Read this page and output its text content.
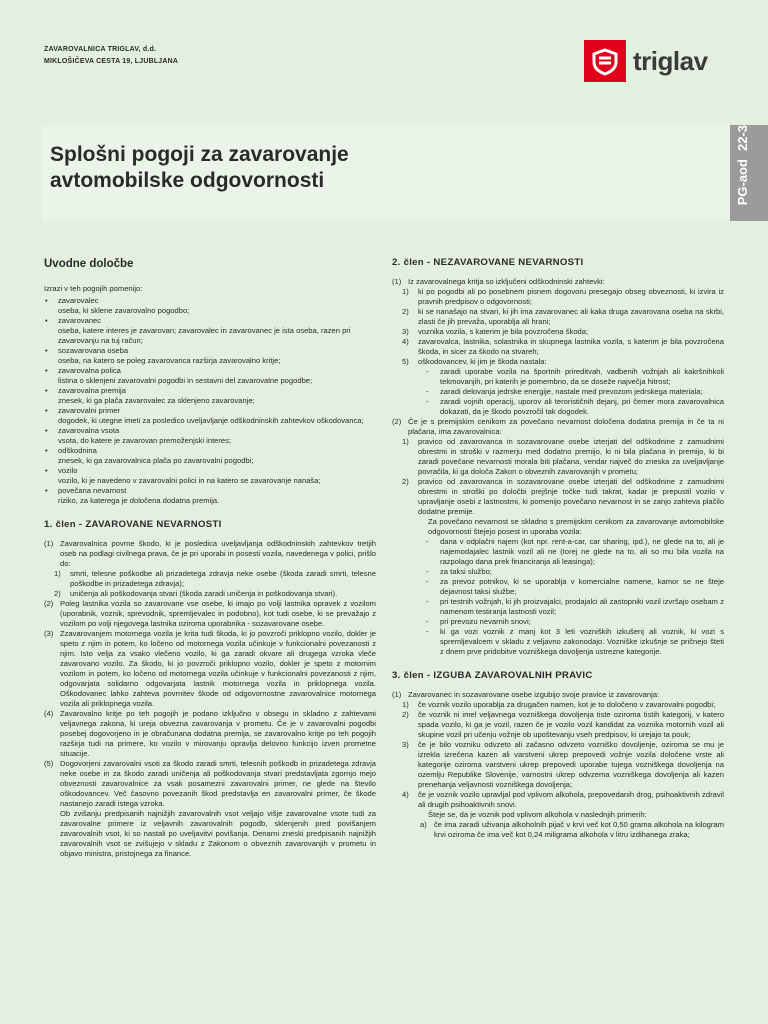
ZAVAROVALNICA TRIGLAV, d.d.
MIKLOŠIČEVA CESTA 19, LJUBLJANA	triglav
Splošni pogoji za zavarovanje
avtomobilske odgovornosti	PG-aod
22-3
Uvodne določbe
Izrazi v teh pogojih pomenijo:
• zavarovalec
oseba, ki sklene zavarovalno pogodbo;
• zavarovanec
oseba, katere interes je zavarovan; zavarovalec in zavarovanec je ista oseba, razen pri zavarovanju na tuj račun;
• sozavarovana oseba
oseba, na katero se poleg zavarovanca razširja zavarovalno kritje;
• zavarovalna polica
listina o sklenjeni zavarovalni pogodbi in sestavni del zavarovalne pogodbe;
• zavarovalna premija
znesek, ki ga plača zavarovalec za sklenjeno zavarovanje;
• zavarovalni primer
dogodek, ki utegne imeti za posledico uveljavljanje odškodninskih zahtevkov oškodovanca;
• zavarovalna vsota
vsota, do katere je zavarovan premoženjski interes;
• odškodnina
znesek, ki ga zavarovalnica plača po zavarovalni pogodbi;
• vozilo
vozilo, ki je navedeno v zavarovalni polici in na katero se zavarovanje nanaša;
• povečana nevarnost
riziko, za katerega je določena dodatna premija.
1. člen - ZAVAROVANE NEVARNOSTI
(1) Zavarovalnica povrne škodo, ki je posledica uveljavljanja odškodninskih zahtevkov tretjih oseb na podlagi civilnega prava, če je pri uporabi in posesti vozila, navedenega v polici, prišlo do:
1) smrti, telesne poškodbe ali prizadetega zdravja neke osebe (škoda zaradi smrti, telesne poškodbe in prizadetega zdravja);
2) uničenja ali poškodovanja stvari (škoda zaradi uničenja in poškodovanja stvari).
(2) Poleg lastnika vozila so zavarovane vse osebe, ki imajo po volji lastnika opravek z vozilom (uporabnik, voznik, sprevodnik, spremljevalec in podobno), kot tudi osebe, ki se prevažajo z vozilom po volji njegovega lastnika oziroma uporabnika - sozavarovane osebe.
(3) Zzavarovanjem motornega vozila je krita tudi škoda, ki jo povzroči priklopno vozilo, dokler je speto z njim in potem, ko ločeno od motornega vozila učinkuje v funkcionalni povezanosti z njim. Isto velja za vsako vlečeno vozilo, ki ga zaradi okvare ali drugega vzroka vleče zavarovano vozilo. Za škodo, ki jo povzroči priklopno vozilo, dokler je speto z motornim vozilom in potem, ko ločeno od motornega vozila učinkuje v funkcionalni povezanosti z njim, odgovarjata solidarno odgovarjata lastnik motornega vozila in priklopnega vozila. Oškodovanec lahko zahteva povrnitev škode od odgovornostne zavarovalnice motornega vozila ali priklopnega vozila.
(4) Zavarovalno kritje po teh pogojih je podano izključno v obsegu in skladno z zahtevami veljavnega zakona, ki ureja obvezna zavarovanja v prometu. Če je v zavarovalni pogodbi posebej dogovorjeno in je obračunana dodatna premija, se zavarovalno kritje po teh pogojih razširja tudi na primere, ko vozilo v mirovanju opravlja delovno funkcijo izven prometne situacije.
(5) Dogovorjeni zavarovalni vsoti za škodo zaradi smrti, telesnih poškodb in prizadetega zdravja neke osebe in za škodo zaradi uničenja ali poškodovanja stvari predstavljata zgornjo mejo obveznosti zavarovalnice za vsak posamezni zavarovalni primer, ne glede na število oškodovancev. Več časovno povezanih škod predstavlja en zavarovalni primer, če škode nastanejo zaradi istega vzroka.
Ob zvišanju predpisanih najnižjih zavarovalnih vsot veljajo višje zavarovalne vsote tudi za zavarovalne primere iz veljavnih zavarovalnih pogodb, sklenjenih pred povišanjem zavarovalnih vsot, ki so nastali po uveljavitvi povišanja. Denarni zneski predpisanih najnižjih zavarovalnih vsot se zvišujejo v skladu z Zakonom o obveznih zavarovanjih v prometu in objavo ministra, pristojnega za finance.
2. člen - NEZAVAROVANE NEVARNOSTI
(1) Iz zavarovalnega kritja so izključeni odškodninski zahtevki:
1) ki po pogodbi ali po posebnem pisnem dogovoru presegajo obseg obveznosti, ki izvira iz pravnih predpisov o odgovornosti;
2) ki se nanašajo na stvari, ki jih ima zavarovanec ali kaka druga zavarovana oseba na skrbi, zlasti če jih prevaža, uporablja ali hrani;
3) voznika vozila, s katerim je bila povzročena škoda;
4) zavarovalca, lastnika, solastnika in skupnega lastnika vozila, s katerim je bila povzročena škoda, in sicer za škodo na stvareh;
5) oškodovancev, ki jim je škoda nastala:
- zaradi uporabe vozila na športnih prireditvah, vadbenih vožnjah ali kakršnihkoli tekmovanjih, pri katerih je pomembno, da se doseže največja hitrost;
- zaradi delovanja jedrske energije, nastale med prevozom jedrskega materiala;
- zaradi vojnih operacij, uporov ali terorističnih dejanj, pri čemer mora zavarovalnica dokazati, da je škodo povzročil tak dogodek.
(2) Če je s premijskim cenikom za povečano nevarnost določena dodatna premija in če ta ni plačana, ima zavarovalnica:
1) pravico od zavarovanca in sozavarovane osebe izterjati del odškodnine z zamudnimi obrestmi in stroški v razmerju med dodatno premijo, ki ni bila plačana in premijo, ki bi zaradi povečane nevarnosti morala biti plačana, vendar največ do zneska za uveljavljanje povračila, ki ga določa Zakon o obveznih zavarovanjih v prometu;
2) pravico od zavarovanca in sozavarovane osebe izterjati del odškodnine z zamudnimi obrestmi in stroški po določbi prejšnje točke tudi takrat, kadar je prepustil vozilo v upravljanje osebi z lastnostmi, ki pomenijo povečano nevarnost in se zanjo zahteva plačilo dodatne premije.
Za povečano nevarnost se skladno s premijskim cenikom za zavarovanje avtomobilske odgovornosti štejejo posest in uporaba vozila:
- dana v odplačni najem (kot npr. rent-a-car, car sharing, ipd.), ne glede na to, ali je najemodajalec lastnik vozil ali ne (torej ne glede na to, ali so mu bila vozila na razpolago dana prek financiranja ali leasinga);
- za taksi službo;
- za prevoz potnikov, ki se uporablja v komercialne namene, kamor se ne šteje dejavnost taksi službe;
- pri testnih vožnjah, ki jih proizvajalci, prodajalci ali zastopniki vozil izvršajo osebam z namenom testiranja lastnosti vozil;
- pri prevozu nevarnih snovi;
- ki ga vozi voznik z manj kot 3 leti vozniških izkušenj ali voznik, ki vozi s spremljevalcem v skladu z veljavno zakonodajo. Vozniške izkušnje se pričnejo šteti z dnem prve pridobitve vozniškega dovoljenja ustrezne kategorije.
3. člen - IZGUBA ZAVAROVALNIH PRAVIC
(1) Zavarovanec in sozavarovane osebe izgubijo svoje pravice iz zavarovanja:
1) če voznik vozilo uporablja za drugačen namen, kot je to določeno v zavarovalni pogodbi;
2) če voznik ni imel veljavnega vozniškega dovoljenja tiste oziroma tistih kategorij, v katero spada vozilo, ki ga je vozil, razen če je vozilo vozil kandidat za voznika motornih vozil ali skupine vozil pri učenju vožnje ob upoštevanju vseh predpisov, ki urejajo ta pouk;
3) če je bilo vozniku odvzeto ali začasno odvzeto vozniško dovoljenje, oziroma se mu je izrekla izrečena kazen ali varstveni ukrep prepovedi vožnje vozila določene vrste ali kategorije oziroma varstveni ukrep prepovedi uporabe tujega vozniškega dovoljenja na ozemlju Republike Slovenije, varnostni ukrep odvzema vozniškega dovoljenja ali kazen prenehanja veljavnosti vozniškega dovoljenja;
4) če je voznik vozilo upravljal pod vplivom alkohola, prepovedanih drog, psihoaktivnih zdravil ali drugih psihoaktivnih snovi.
Šteje se, da je voznik pod vplivom alkohola v naslednjih primerih:
a) če ima zaradi uživanja alkoholnih pijač v krvi več kot 0,50 grama alkohola na kilogram krvi oziroma če ima več kot 0,24 miligrama alkohola v litru izdihanega zraka;
